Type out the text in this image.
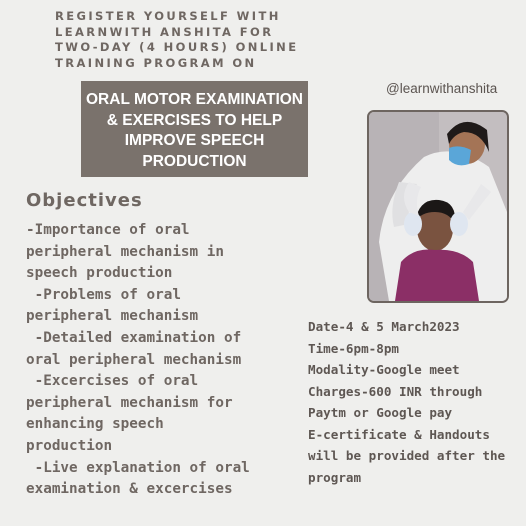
REGISTER YOURSELF WITH
LEARNWITH ANSHITA FOR
TWO-DAY (4 HOURS) ONLINE
TRAINING PROGRAM ON
ORAL MOTOR EXAMINATION
& EXERCISES TO HELP
IMPROVE SPEECH
PRODUCTION
@learnwithanshita
Objectives
-Importance of oral
peripheral mechanism in
speech production
-Problems of oral
peripheral mechanism
-Detailed examination of
oral peripheral mechanism
-Excercises of oral
peripheral mechanism for
enhancing speech
production
-Live explanation of oral
examination & excercises
Date-4 & 5 March2023
Time-6pm-8pm
Modality-Google meet
Charges-600 INR through
Paytm or Google pay
E-certificate & Handouts
will be provided after the
program
